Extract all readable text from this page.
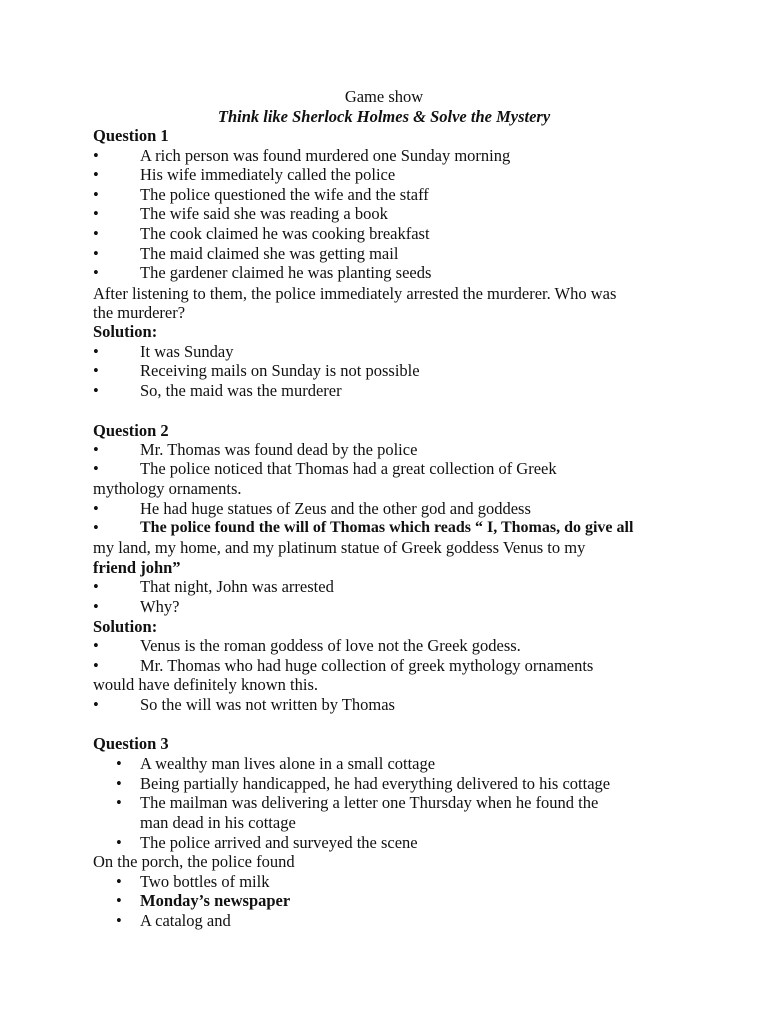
Game show
Think like Sherlock Holmes & Solve the Mystery
Question 1
• A rich person was found murdered one Sunday morning
• His wife immediately called the police
• The police questioned the wife and the staff
• The wife said she was reading a book
• The cook claimed he was cooking breakfast
• The maid claimed she was getting mail
• The gardener claimed he was planting seeds
After listening to them, the police immediately arrested the murderer. Who was
the murderer?
Solution:
• It was Sunday
• Receiving mails on Sunday is not possible
• So, the maid was the murderer
Question 2
• Mr. Thomas was found dead by the police
• The police noticed that Thomas had a great collection of Greek
mythology ornaments.
• He had huge statues of Zeus and the other god and goddess
•	The police found the will of Thomas which reads “ I, Thomas, do give all
my land, my home, and my platinum statue of Greek goddess Venus to my
friend john”
• That night, John was arrested
• Why?
Solution:
• Venus is the roman goddess of love not the Greek godess.
• Mr. Thomas who had huge collection of greek mythology ornaments
would have definitely known this.
• So the will was not written by Thomas
Question 3
• A wealthy man lives alone in a small cottage
• Being partially handicapped, he had everything delivered to his cottage
• The mailman was delivering a letter one Thursday when he found the
man dead in his cottage
• The police arrived and surveyed the scene
On the porch, the police found
• Two bottles of milk
• Monday’s newspaper
• A catalog and
